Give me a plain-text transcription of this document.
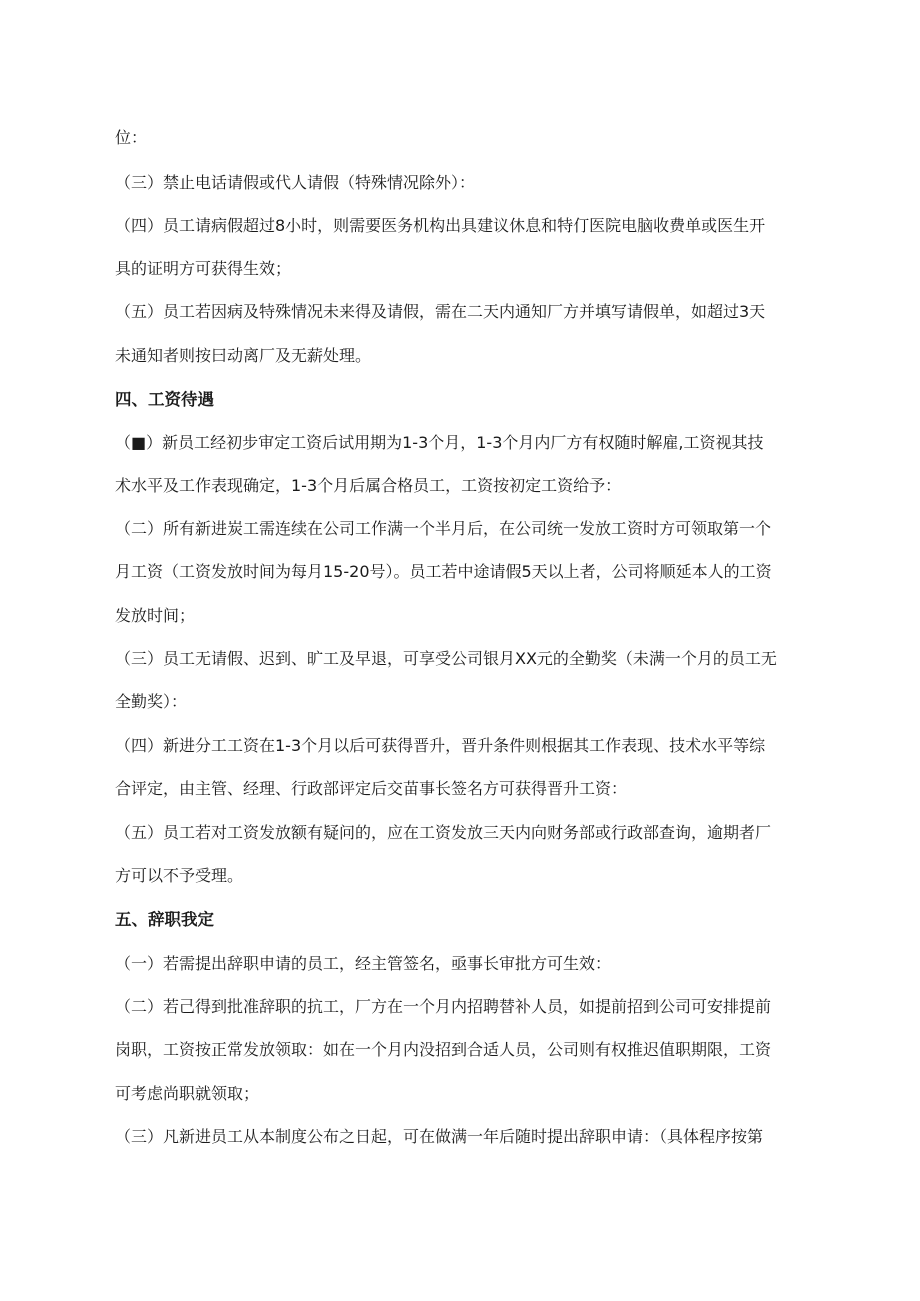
位：
（三）禁止电话请假或代人请假（特殊情况除外）：
（四）员工请病假超过8小时，则需要医务机构出具建议休息和特仃医院电脑收费单或医生开
具的证明方可获得生效；
（五）员工若因病及特殊情况未来得及请假，需在二天内通知厂方并填写请假单，如超过3天
未通知者则按曰动离厂及无薪处理。
四、工资待遇
（■）新员工经初步审定工资后试用期为1-3个月，1-3个月内厂方有权随时解雇,工资视其技
术水平及工作表现确定，1-3个月后属合格员工，工资按初定工资给予：
（二）所有新进炭工需连续在公司工作满一个半月后，在公司统一发放工资时方可领取第一个
月工资（工资发放时间为每月15-20号）。员工若中途请假5天以上者，公司将顺延本人的工资
发放时间；
（三）员工无请假、迟到、旷工及早退，可享受公司银月XX元的全勤奖（未满一个月的员工无
全勤奖）：
（四）新进分工工资在1-3个月以后可获得晋升，晋升条件则根据其工作表现、技术水平等综
合评定，由主管、经理、行政部评定后交苗事长签名方可获得晋升工资：
（五）员工若对工资发放额有疑问的，应在工资发放三天内向财务部或行政部查询，逾期者厂
方可以不予受理。
五、辞职我定
（一）若需提出辞职申请的员工，经主管签名，亟事长审批方可生效：
（二）若己得到批准辞职的抗工，厂方在一个月内招聘替补人员，如提前招到公司可安排提前
岗职，工资按正常发放领取：如在一个月内没招到合适人员，公司则有权推迟值职期限，工资
可考虑尚职就领取；
（三）凡新进员工从本制度公布之日起，可在做满一年后随时提出辞职申请：（具体程序按第
